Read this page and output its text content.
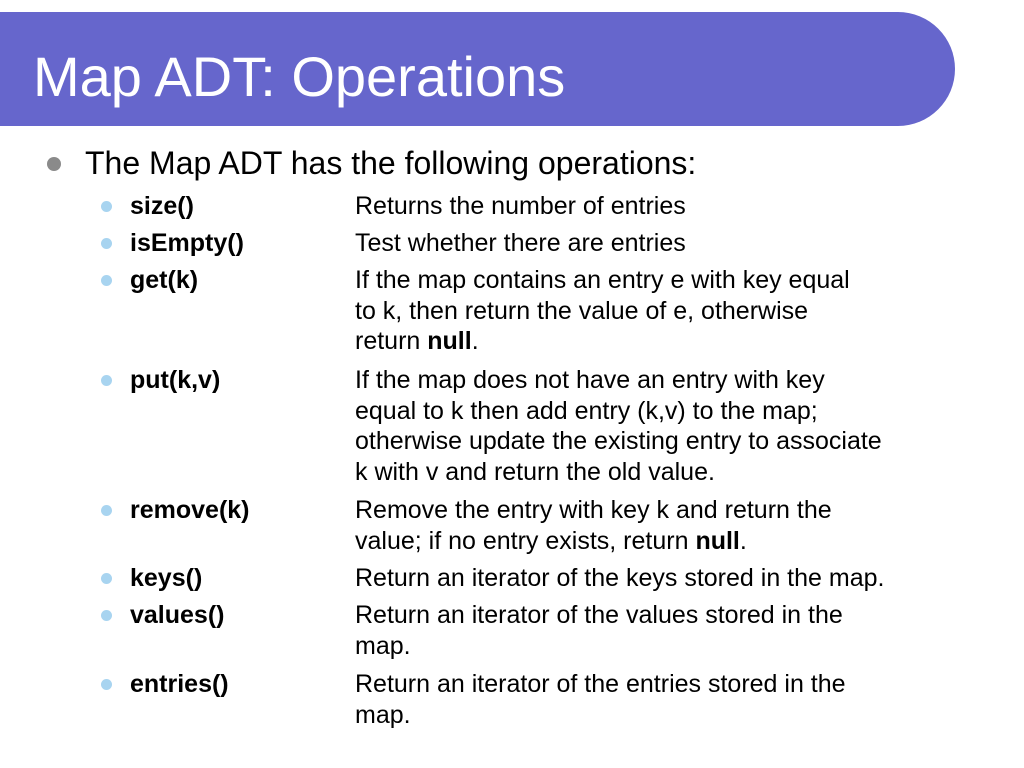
Map ADT: Operations
The Map ADT has the following operations:
size()	Returns the number of entries
isEmpty()	Test whether there are entries
get(k)	If the map contains an entry e with key equal
to k, then return the value of e, otherwise
return null.
put(k,v)	If the map does not have an entry with key
equal to k then add entry (k,v) to the map;
otherwise update the existing entry to associate
k with v and return the old value.
remove(k)	Remove the entry with key k and return the
value; if no entry exists, return null.
keys()	Return an iterator of the keys stored in the map.
values()	Return an iterator of the values stored in the
map.
entries()	Return an iterator of the entries stored in the
map.
